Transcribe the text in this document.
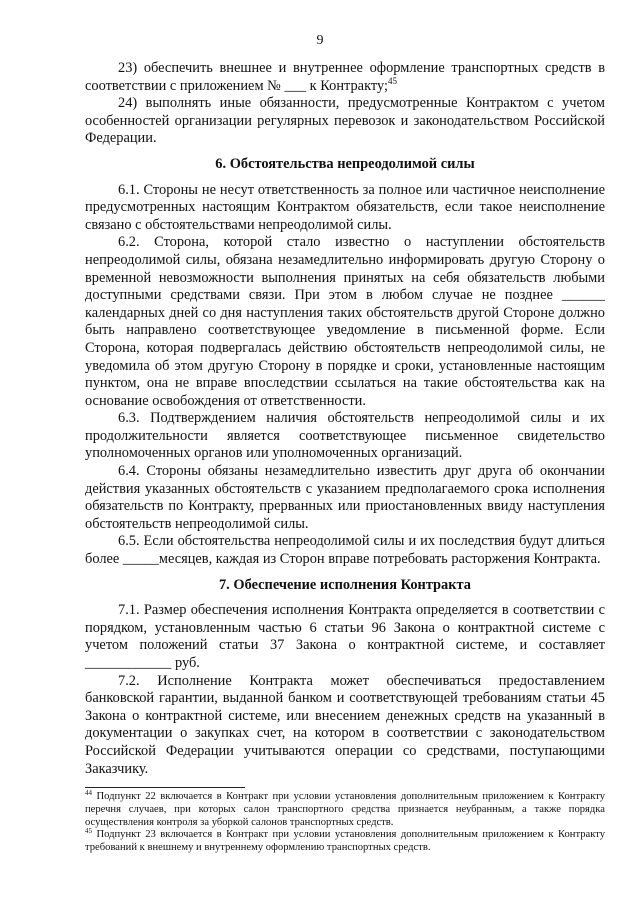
9

23) обеспечить внешнее и внутреннее оформление транспортных средств в соответствии с приложением № ___ к Контракту;$^{45}$

24) выполнять иные обязанности, предусмотренные Контрактом с учетом особенностей организации регулярных перевозок и законодательством Российской Федерации.

6. Обстоятельства непреодолимой силы

6.1. Стороны не несут ответственность за полное или частичное неисполнение предусмотренных настоящим Контрактом обязательств, если такое неисполнение связано с обстоятельствами непреодолимой силы.

6.2. Сторона, которой стало известно о наступлении обстоятельств непреодолимой силы, обязана незамедлительно информировать другую Сторону о временной невозможности выполнения принятых на себя обязательств любыми доступными средствами связи. При этом в любом случае не позднее ______ календарных дней со дня наступления таких обстоятельств другой Стороне должно быть направлено соответствующее уведомление в письменной форме. Если Сторона, которая подвергалась действию обстоятельств непреодолимой силы, не уведомила об этом другую Сторону в порядке и сроки, установленные настоящим пунктом, она не вправе впоследствии ссылаться на такие обстоятельства как на основание освобождения от ответственности.

6.3. Подтверждением наличия обстоятельств непреодолимой силы и их продолжительности является соответствующее письменное свидетельство уполномоченных органов или уполномоченных организаций.

6.4. Стороны обязаны незамедлительно известить друг друга об окончании действия указанных обстоятельств с указанием предполагаемого срока исполнения обязательств по Контракту, прерванных или приостановленных ввиду наступления обстоятельств непреодолимой силы.

6.5. Если обстоятельства непреодолимой силы и их последствия будут длиться более _____месяцев, каждая из Сторон вправе потребовать расторжения Контракта.

7. Обеспечение исполнения Контракта

7.1. Размер обеспечения исполнения Контракта определяется в соответствии с порядком, установленным частью 6 статьи 96 Закона о контрактной системе с учетом положений статьи 37 Закона о контрактной системе, и составляет ____________ руб.

7.2. Исполнение Контракта может обеспечиваться предоставлением банковской гарантии, выданной банком и соответствующей требованиям статьи 45 Закона о контрактной системе, или внесением денежных средств на указанный в документации о закупках счет, на котором в соответствии с законодательством Российской Федерации учитываются операции со средствами, поступающими Заказчику.

$^{44}$ Подпункт 22 включается в Контракт при условии установления дополнительным приложением к Контракту перечня случаев, при которых салон транспортного средства признается неубранным, а также порядка осуществления контроля за уборкой салонов транспортных средств.

$^{45}$ Подпункт 23 включается в Контракт при условии установления дополнительным приложением к Контракту требований к внешнему и внутреннему оформлению транспортных средств.
